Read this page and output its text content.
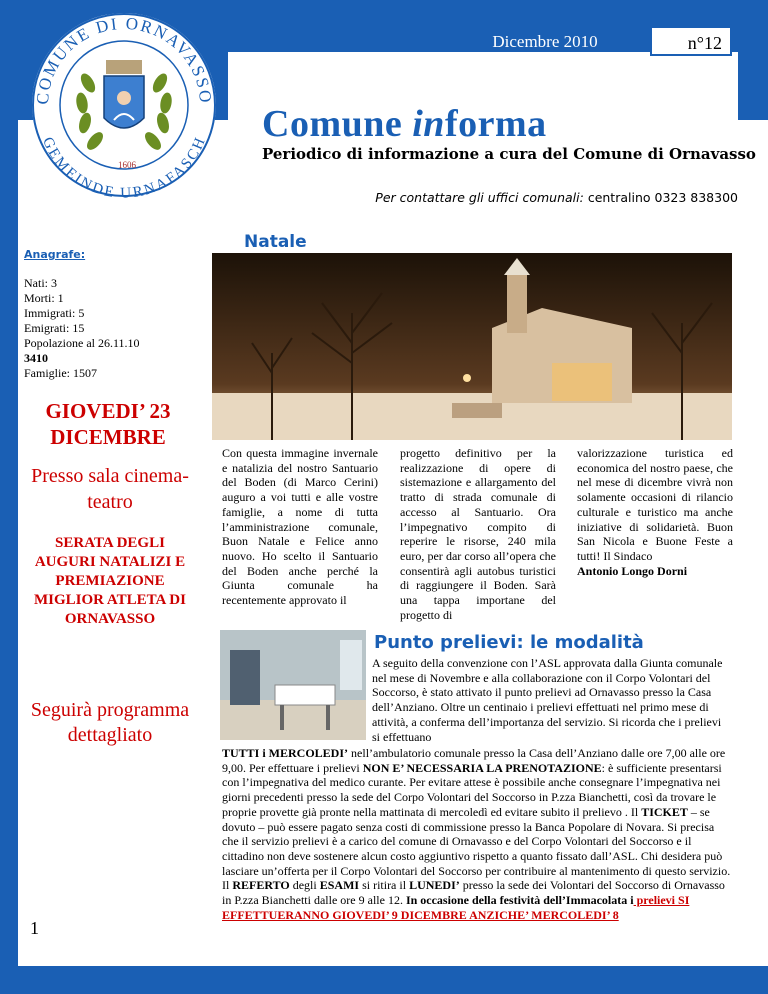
COMUNE DI ORNAVASSO
GEMEINDE URNAFASCH
1606
Dicembre 2010	n°12
Comune informa
Periodico di informazione a cura del Comune di Ornavasso
Per contattare gli uffici comunali: centralino 0323 838300
Anagrafe:
Nati: 3
Morti: 1
Immigrati: 5
Emigrati: 15
Popolazione al 26.11.10
3410
Famiglie: 1507
GIOVEDI’ 23 DICEMBRE
Presso sala cinema-teatro
SERATA DEGLI AUGURI NATALIZI E PREMIAZIONE MIGLIOR ATLETA DI ORNAVASSO
Seguirà programma dettagliato
1
Natale
Con questa immagine invernale e natalizia del nostro Santuario del Boden (di Marco Cerini) auguro a voi tutti e alle vostre famiglie, a nome di tutta l’amministrazione comunale, Buon Natale e Felice anno nuovo. Ho scelto il Santuario del Boden anche perché la Giunta comunale ha recentemente approvato il
progetto definitivo per la realizzazione di opere di sistemazione e allargamento del tratto di strada comunale di accesso al Santuario. Ora l’impegnativo compito di reperire le risorse, 240 mila euro, per dar corso all’opera che consentirà agli autobus turistici di raggiungere il Boden. Sarà una tappa importane del progetto di
valorizzazione turistica ed economica del nostro paese, che nel mese di dicembre vivrà non solamente occasioni di rilancio culturale e turistico ma anche iniziative di solidarietà. Buon San Nicola e Buone Feste a tutti! Il Sindaco
Antonio Longo Dorni
Punto prelievi: le modalità
A seguito della convenzione con l’ASL approvata dalla Giunta comunale nel mese di Novembre e alla collaborazione con il Corpo Volontari del Soccorso, è stato attivato il punto prelievi ad Ornavasso presso la Casa dell’Anziano. Oltre un centinaio i prelievi effettuati nel primo mese di attività, a conferma dell’importanza del servizio. Si ricorda che i prelievi si effettuano
TUTTI i MERCOLEDI’ nell’ambulatorio comunale presso la Casa dell’Anziano dalle ore 7,00 alle ore 9,00. Per effettuare i prelievi NON E’ NECESSARIA LA PRENOTAZIONE: è sufficiente presentarsi con l’impegnativa del medico curante. Per evitare attese è possibile anche consegnare l’impegnativa nei giorni precedenti presso la sede del Corpo Volontari del Soccorso in P.zza Bianchetti, così da trovare le proprie provette già pronte nella mattinata di mercoledì ed evitare subito il prelievo . Il TICKET – se dovuto – può essere pagato senza costi di commissione presso la Banca Popolare di Novara. Si precisa che il servizio prelievi è a carico del comune di Ornavasso e del Corpo Volontari del Soccorso e il cittadino non deve sostenere alcun costo aggiuntivo rispetto a quanto fissato dall’ASL. Chi desidera può lasciare un’offerta per il Corpo Volontari del Soccorso per contribuire al mantenimento di questo servizio. Il REFERTO degli ESAMI si ritira il LUNEDI’ presso la sede dei Volontari del Soccorso di Ornavasso in P.zza Bianchetti dalle ore 9 alle 12. In occasione della festività dell’Immacolata i prelievi SI EFFETTUERANNO GIOVEDI’ 9 DICEMBRE ANZICHE’ MERCOLEDI’ 8
